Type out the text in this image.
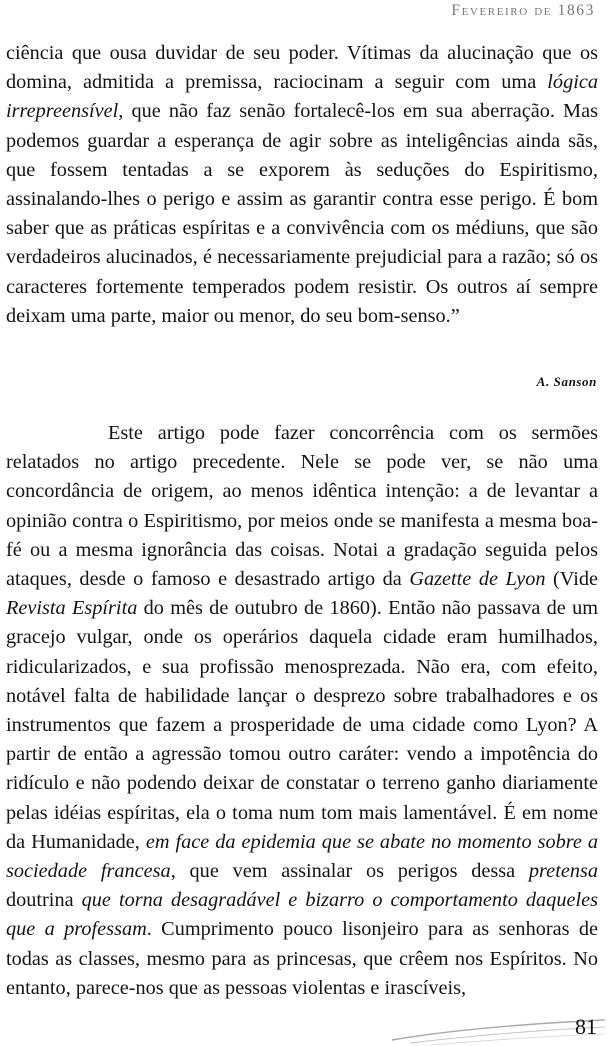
Fevereiro de 1863
ciência que ousa duvidar de seu poder. Vítimas da alucinação que os domina, admitida a premissa, raciocinam a seguir com uma lógica irrepreensível, que não faz senão fortalecê-los em sua aberração. Mas podemos guardar a esperança de agir sobre as inteligências ainda sãs, que fossem tentadas a se exporem às seduções do Espiritismo, assinalando-lhes o perigo e assim as garantir contra esse perigo. É bom saber que as práticas espíritas e a convivência com os médiuns, que são verdadeiros alucinados, é necessariamente prejudicial para a razão; só os caracteres fortemente temperados podem resistir. Os outros aí sempre deixam uma parte, maior ou menor, do seu bom-senso.”
A. Sanson
Este artigo pode fazer concorrência com os sermões relatados no artigo precedente. Nele se pode ver, se não uma concordância de origem, ao menos idêntica intenção: a de levantar a opinião contra o Espiritismo, por meios onde se manifesta a mesma boa-fé ou a mesma ignorância das coisas. Notai a gradação seguida pelos ataques, desde o famoso e desastrado artigo da Gazette de Lyon (Vide Revista Espírita do mês de outubro de 1860). Então não passava de um gracejo vulgar, onde os operários daquela cidade eram humilhados, ridicularizados, e sua profissão menosprezada. Não era, com efeito, notável falta de habilidade lançar o desprezo sobre trabalhadores e os instrumentos que fazem a prosperidade de uma cidade como Lyon? A partir de então a agressão tomou outro caráter: vendo a impotência do ridículo e não podendo deixar de constatar o terreno ganho diariamente pelas idéias espíritas, ela o toma num tom mais lamentável. É em nome da Humanidade, em face da epidemia que se abate no momento sobre a sociedade francesa, que vem assinalar os perigos dessa pretensa doutrina que torna desagradável e bizarro o comportamento daqueles que a professam. Cumprimento pouco lisonjeiro para as senhoras de todas as classes, mesmo para as princesas, que crêem nos Espíritos. No entanto, parece-nos que as pessoas violentas e irascíveis,
81
